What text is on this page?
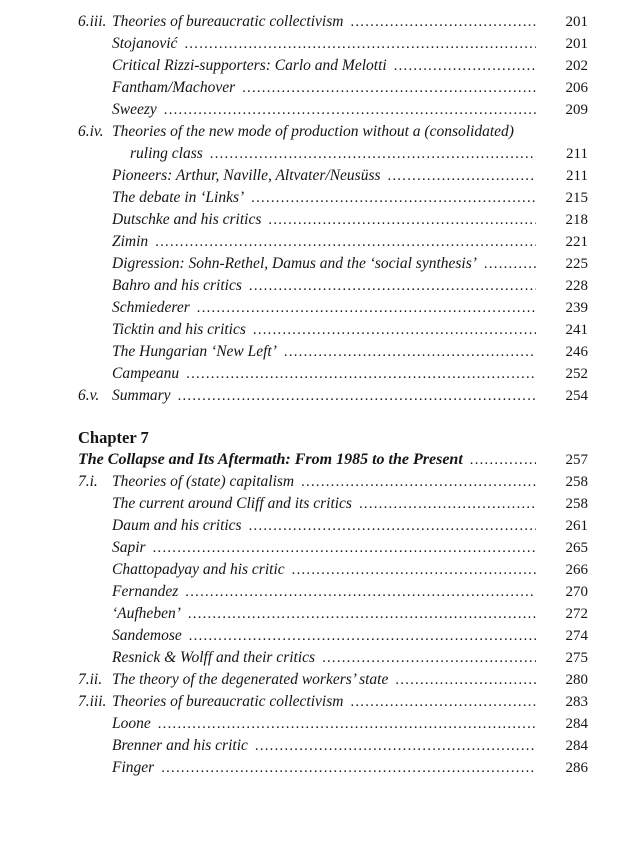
6.iii. Theories of bureaucratic collectivism .....	201
Stojanović .....	201
Critical Rizzi-supporters: Carlo and Melotti .....	202
Fantham/Machover .....	206
Sweezy .....	209
6.iv. Theories of the new mode of production without a (consolidated)
ruling class .....	211
Pioneers: Arthur, Naville, Altvater/Neusüss .....	211
The debate in ‘Links’ .....	215
Dutschke and his critics .....	218
Zimin .....	221
Digression: Sohn-Rethel, Damus and the ‘social synthesis’ .....	225
Bahro and his critics .....	228
Schmiederer .....	239
Ticktin and his critics .....	241
The Hungarian ‘New Left’ .....	246
Campeanu .....	252
6.v. Summary .....	254
Chapter 7
The Collapse and Its Aftermath: From 1985 to the Present .....	257
7.i. Theories of (state) capitalism .....	258
The current around Cliff and its critics .....	258
Daum and his critics .....	261
Sapir .....	265
Chattopadyay and his critic .....	266
Fernandez .....	270
‘Aufheben’ .....	272
Sandemose .....	274
Resnick & Wolff and their critics .....	275
7.ii. The theory of the degenerated workers’ state .....	280
7.iii. Theories of bureaucratic collectivism .....	283
Loone .....	284
Brenner and his critic .....	284
Finger .....	286
